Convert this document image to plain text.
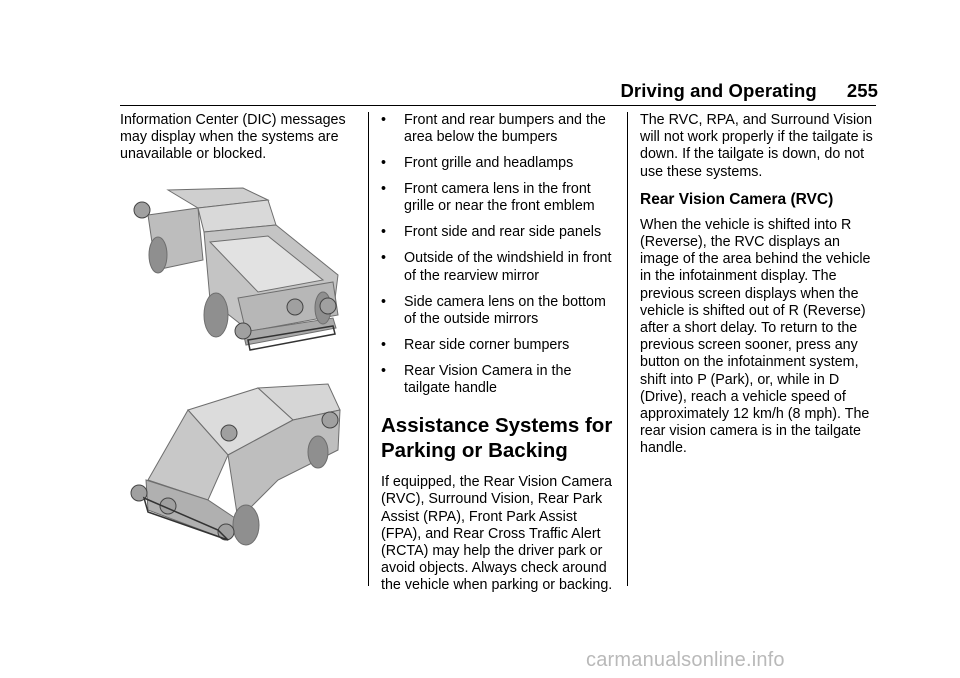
Driving and Operating 255

Information Center (DIC) messages may display when the systems are unavailable or blocked.

• Front and rear bumpers and the area below the bumpers
• Front grille and headlamps
• Front camera lens in the front grille or near the front emblem
• Front side and rear side panels
• Outside of the windshield in front of the rearview mirror
• Side camera lens on the bottom of the outside mirrors
• Rear side corner bumpers
• Rear Vision Camera in the tailgate handle
Assistance Systems for Parking or Backing

If equipped, the Rear Vision Camera (RVC), Surround Vision, Rear Park Assist (RPA), Front Park Assist (FPA), and Rear Cross Traffic Alert (RCTA) may help the driver park or avoid objects. Always check around the vehicle when parking or backing.

The RVC, RPA, and Surround Vision will not work properly if the tailgate is down. If the tailgate is down, do not use these systems.

Rear Vision Camera (RVC)

When the vehicle is shifted into R (Reverse), the RVC displays an image of the area behind the vehicle in the infotainment display. The previous screen displays when the vehicle is shifted out of R (Reverse) after a short delay. To return to the previous screen sooner, press any button on the infotainment system, shift into P (Park), or, while in D (Drive), reach a vehicle speed of approximately 12 km/h (8 mph). The rear vision camera is in the tailgate handle.

carmanualsonline.info
